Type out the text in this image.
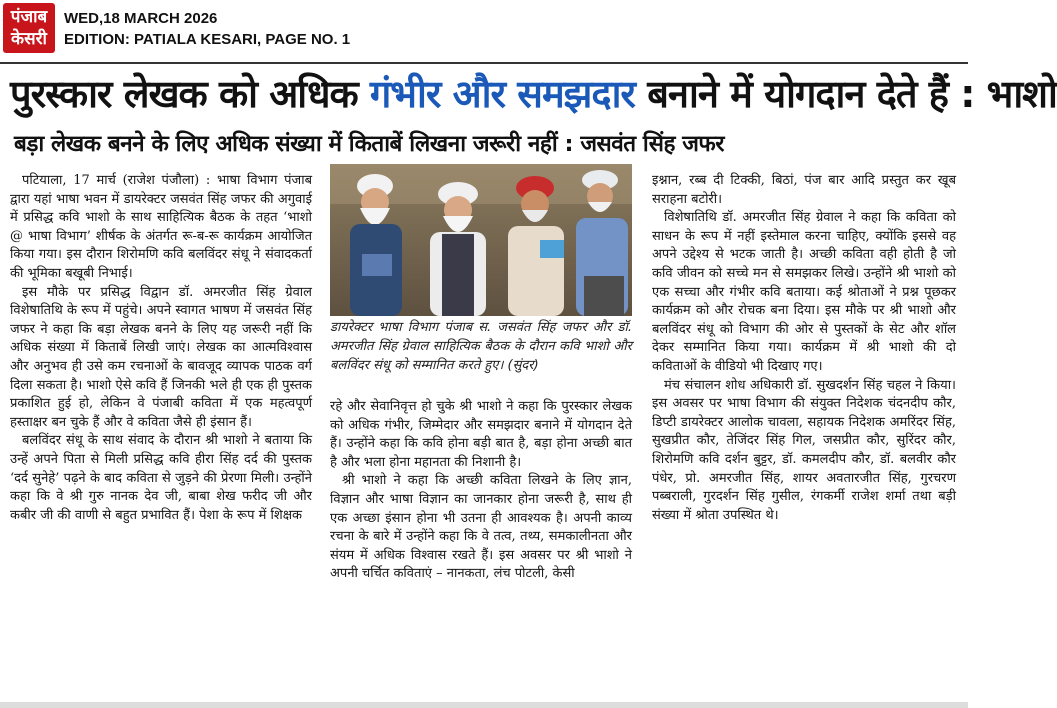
पंजाब
केसरी
WED,18 MARCH 2026
EDITION: PATIALA KESARI, PAGE NO. 1
पुरस्कार लेखक को अधिक गंभीर और समझदार बनाने में योगदान देते हैं : भाशो
बड़ा लेखक बनने के लिए अधिक संख्या में किताबें लिखना जरूरी नहीं : जसवंत सिंह जफर

पटियाला, 17 मार्च (राजेश पंजौला) : भाषा विभाग पंजाब द्वारा यहां भाषा भवन में डायरेक्टर जसवंत सिंह जफर की अगुवाई में प्रसिद्ध कवि भाशो के साथ साहित्यिक बैठक के तहत ‘भाशो @ भाषा विभाग’ शीर्षक के अंतर्गत रू-ब-रू कार्यक्रम आयोजित किया गया। इस दौरान शिरोमणि कवि बलविंदर संधू ने संवादकर्ता की भूमिका बखूबी निभाई।

इस मौके पर प्रसिद्ध विद्वान डॉ. अमरजीत सिंह ग्रेवाल विशेषातिथि के रूप में पहुंचे। अपने स्वागत भाषण में जसवंत सिंह जफर ने कहा कि बड़ा लेखक बनने के लिए यह जरूरी नहीं कि अधिक संख्या में किताबें लिखी जाएं। लेखक का आत्मविश्वास और अनुभव ही उसे कम रचनाओं के बावजूद व्यापक पाठक वर्ग दिला सकता है। भाशो ऐसे कवि हैं जिनकी भले ही एक ही पुस्तक प्रकाशित हुई हो, लेकिन वे पंजाबी कविता में एक महत्वपूर्ण हस्ताक्षर बन चुके हैं और वे कविता जैसे ही इंसान हैं।

बलविंदर संधू के साथ संवाद के दौरान श्री भाशो ने बताया कि उन्हें अपने पिता से मिली प्रसिद्ध कवि हीरा सिंह दर्द की पुस्तक ‘दर्द सुनेहे’ पढ़ने के बाद कविता से जुड़ने की प्रेरणा मिली। उन्होंने कहा कि वे श्री गुरु नानक देव जी, बाबा शेख फरीद जी और कबीर जी की वाणी से बहुत प्रभावित हैं। पेशा के रूप में शिक्षक

डायरेक्टर भाषा विभाग पंजाब स. जसवंत सिंह जफर और डॉ. अमरजीत सिंह ग्रेवाल साहित्यिक बैठक के दौरान कवि भाशो और बलविंदर संधू को सम्मानित करते हुए। (सुंदर)

रहे और सेवानिवृत्त हो चुके श्री भाशो ने कहा कि पुरस्कार लेखक को अधिक गंभीर, जिम्मेदार और समझदार बनाने में योगदान देते हैं। उन्होंने कहा कि कवि होना बड़ी बात है, बड़ा होना अच्छी बात है और भला होना महानता की निशानी है।

श्री भाशो ने कहा कि अच्छी कविता लिखने के लिए ज्ञान, विज्ञान और भाषा विज्ञान का जानकार होना जरूरी है, साथ ही एक अच्छा इंसान होना भी उतना ही आवश्यक है। अपनी काव्य रचना के बारे में उन्होंने कहा कि वे तत्व, तथ्य, समकालीनता और संयम में अधिक विश्वास रखते हैं। इस अवसर पर श्री भाशो ने अपनी चर्चित कविताएं – नानकता, लंच पोटली, केसी

इश्नान, रब्ब दी टिक्की, बिठां, पंज बार आदि प्रस्तुत कर खूब सराहना बटोरी।

विशेषातिथि डॉ. अमरजीत सिंह ग्रेवाल ने कहा कि कविता को साधन के रूप में नहीं इस्तेमाल करना चाहिए, क्योंकि इससे वह अपने उद्देश्य से भटक जाती है। अच्छी कविता वही होती है जो कवि जीवन को सच्चे मन से समझकर लिखे। उन्होंने श्री भाशो को एक सच्चा और गंभीर कवि बताया। कई श्रोताओं ने प्रश्न पूछकर कार्यक्रम को और रोचक बना दिया। इस मौके पर श्री भाशो और बलविंदर संधू को विभाग की ओर से पुस्तकों के सेट और शॉल देकर सम्मानित किया गया। कार्यक्रम में श्री भाशो की दो कविताओं के वीडियो भी दिखाए गए।

मंच संचालन शोध अधिकारी डॉ. सुखदर्शन सिंह चहल ने किया। इस अवसर पर भाषा विभाग की संयुक्त निदेशक चंदनदीप कौर, डिप्टी डायरेक्टर आलोक चावला, सहायक निदेशक अमरिंदर सिंह, सुखप्रीत कौर, तेजिंदर सिंह गिल, जसप्रीत कौर, सुरिंदर कौर, शिरोमणि कवि दर्शन बुट्टर, डॉ. कमलदीप कौर, डॉ. बलवीर कौर पंधेर, प्रो. अमरजीत सिंह, शायर अवतारजीत सिंह, गुरचरण पब्बराली, गुरदर्शन सिंह गुसील, रंगकर्मी राजेश शर्मा तथा बड़ी संख्या में श्रोता उपस्थित थे।
